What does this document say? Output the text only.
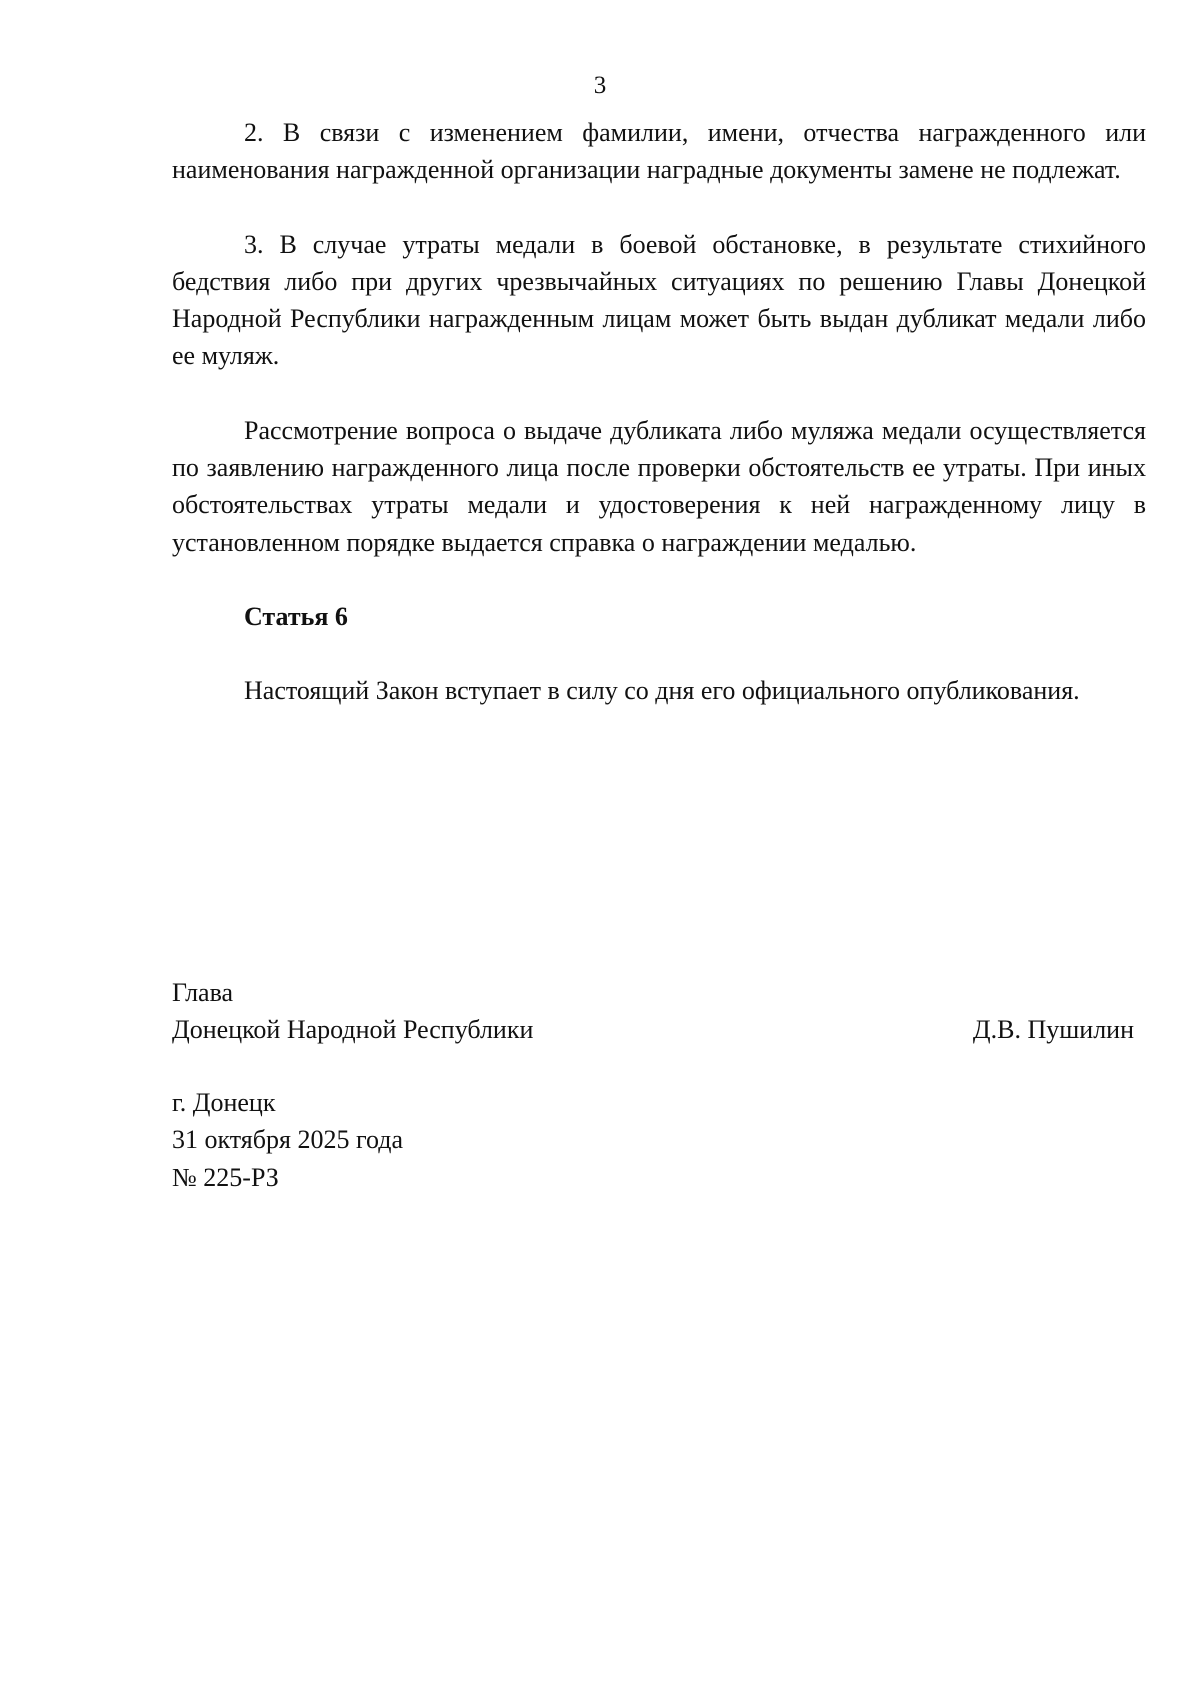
3

2. В связи с изменением фамилии, имени, отчества награжденного или наименования награжденной организации наградные документы замене не подлежат.

3. В случае утраты медали в боевой обстановке, в результате стихийного бедствия либо при других чрезвычайных ситуациях по решению Главы Донецкой Народной Республики награжденным лицам может быть выдан дубликат медали либо ее муляж.

Рассмотрение вопроса о выдаче дубликата либо муляжа медали осуществляется по заявлению награжденного лица после проверки обстоятельств ее утраты. При иных обстоятельствах утраты медали и удостоверения к ней награжденному лицу в установленном порядке выдается справка о награждении медалью.

Статья 6

Настоящий Закон вступает в силу со дня его официального опубликования.

Глава
Донецкой Народной Республики	Д.В. Пушилин
г. Донецк
31 октября 2025 года
№ 225-РЗ
